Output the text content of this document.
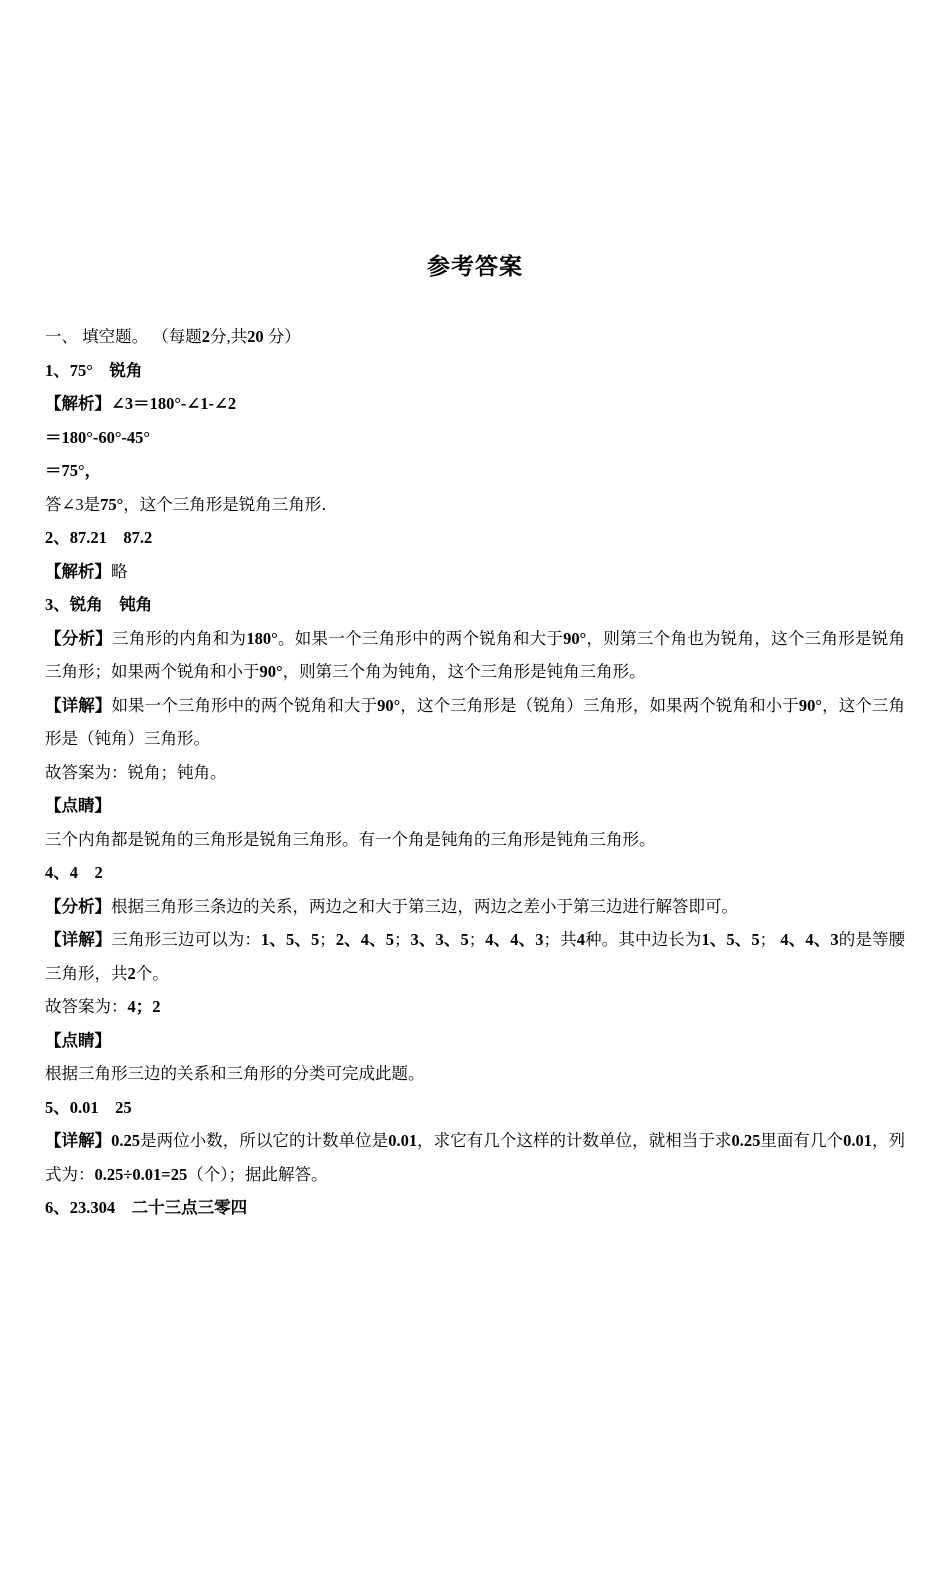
参考答案

一、 填空题。 （每题2分,共20 分）

1、75°　锐角

【解析】∠3＝180°-∠1-∠2

＝180°-60°-45°

＝75°，

答∠3是75°，这个三角形是锐角三角形．

2、87.21　87.2

【解析】略

3、锐角　钝角

【分析】三角形的内角和为180°。如果一个三角形中的两个锐角和大于90°，则第三个角也为锐角，这个三角形是锐角三角形；如果两个锐角和小于90°，则第三个角为钝角，这个三角形是钝角三角形。

【详解】如果一个三角形中的两个锐角和大于90°，这个三角形是（锐角）三角形，如果两个锐角和小于90°，这个三角形是（钝角）三角形。

故答案为：锐角；钝角。

【点睛】

三个内角都是锐角的三角形是锐角三角形。有一个角是钝角的三角形是钝角三角形。

4、4　2

【分析】根据三角形三条边的关系，两边之和大于第三边，两边之差小于第三边进行解答即可。

【详解】三角形三边可以为：1、5、5；2、4、5；3、3、5；4、4、3；共4种。其中边长为1、5、5； 4、4、3的是等腰三角形，共2个。

故答案为：4；2

【点睛】

根据三角形三边的关系和三角形的分类可完成此题。

5、0.01　25

【详解】0.25是两位小数，所以它的计数单位是0.01，求它有几个这样的计数单位，就相当于求0.25里面有几个0.01，列式为：0.25÷0.01=25（个）；据此解答。

6、23.304　二十三点三零四
